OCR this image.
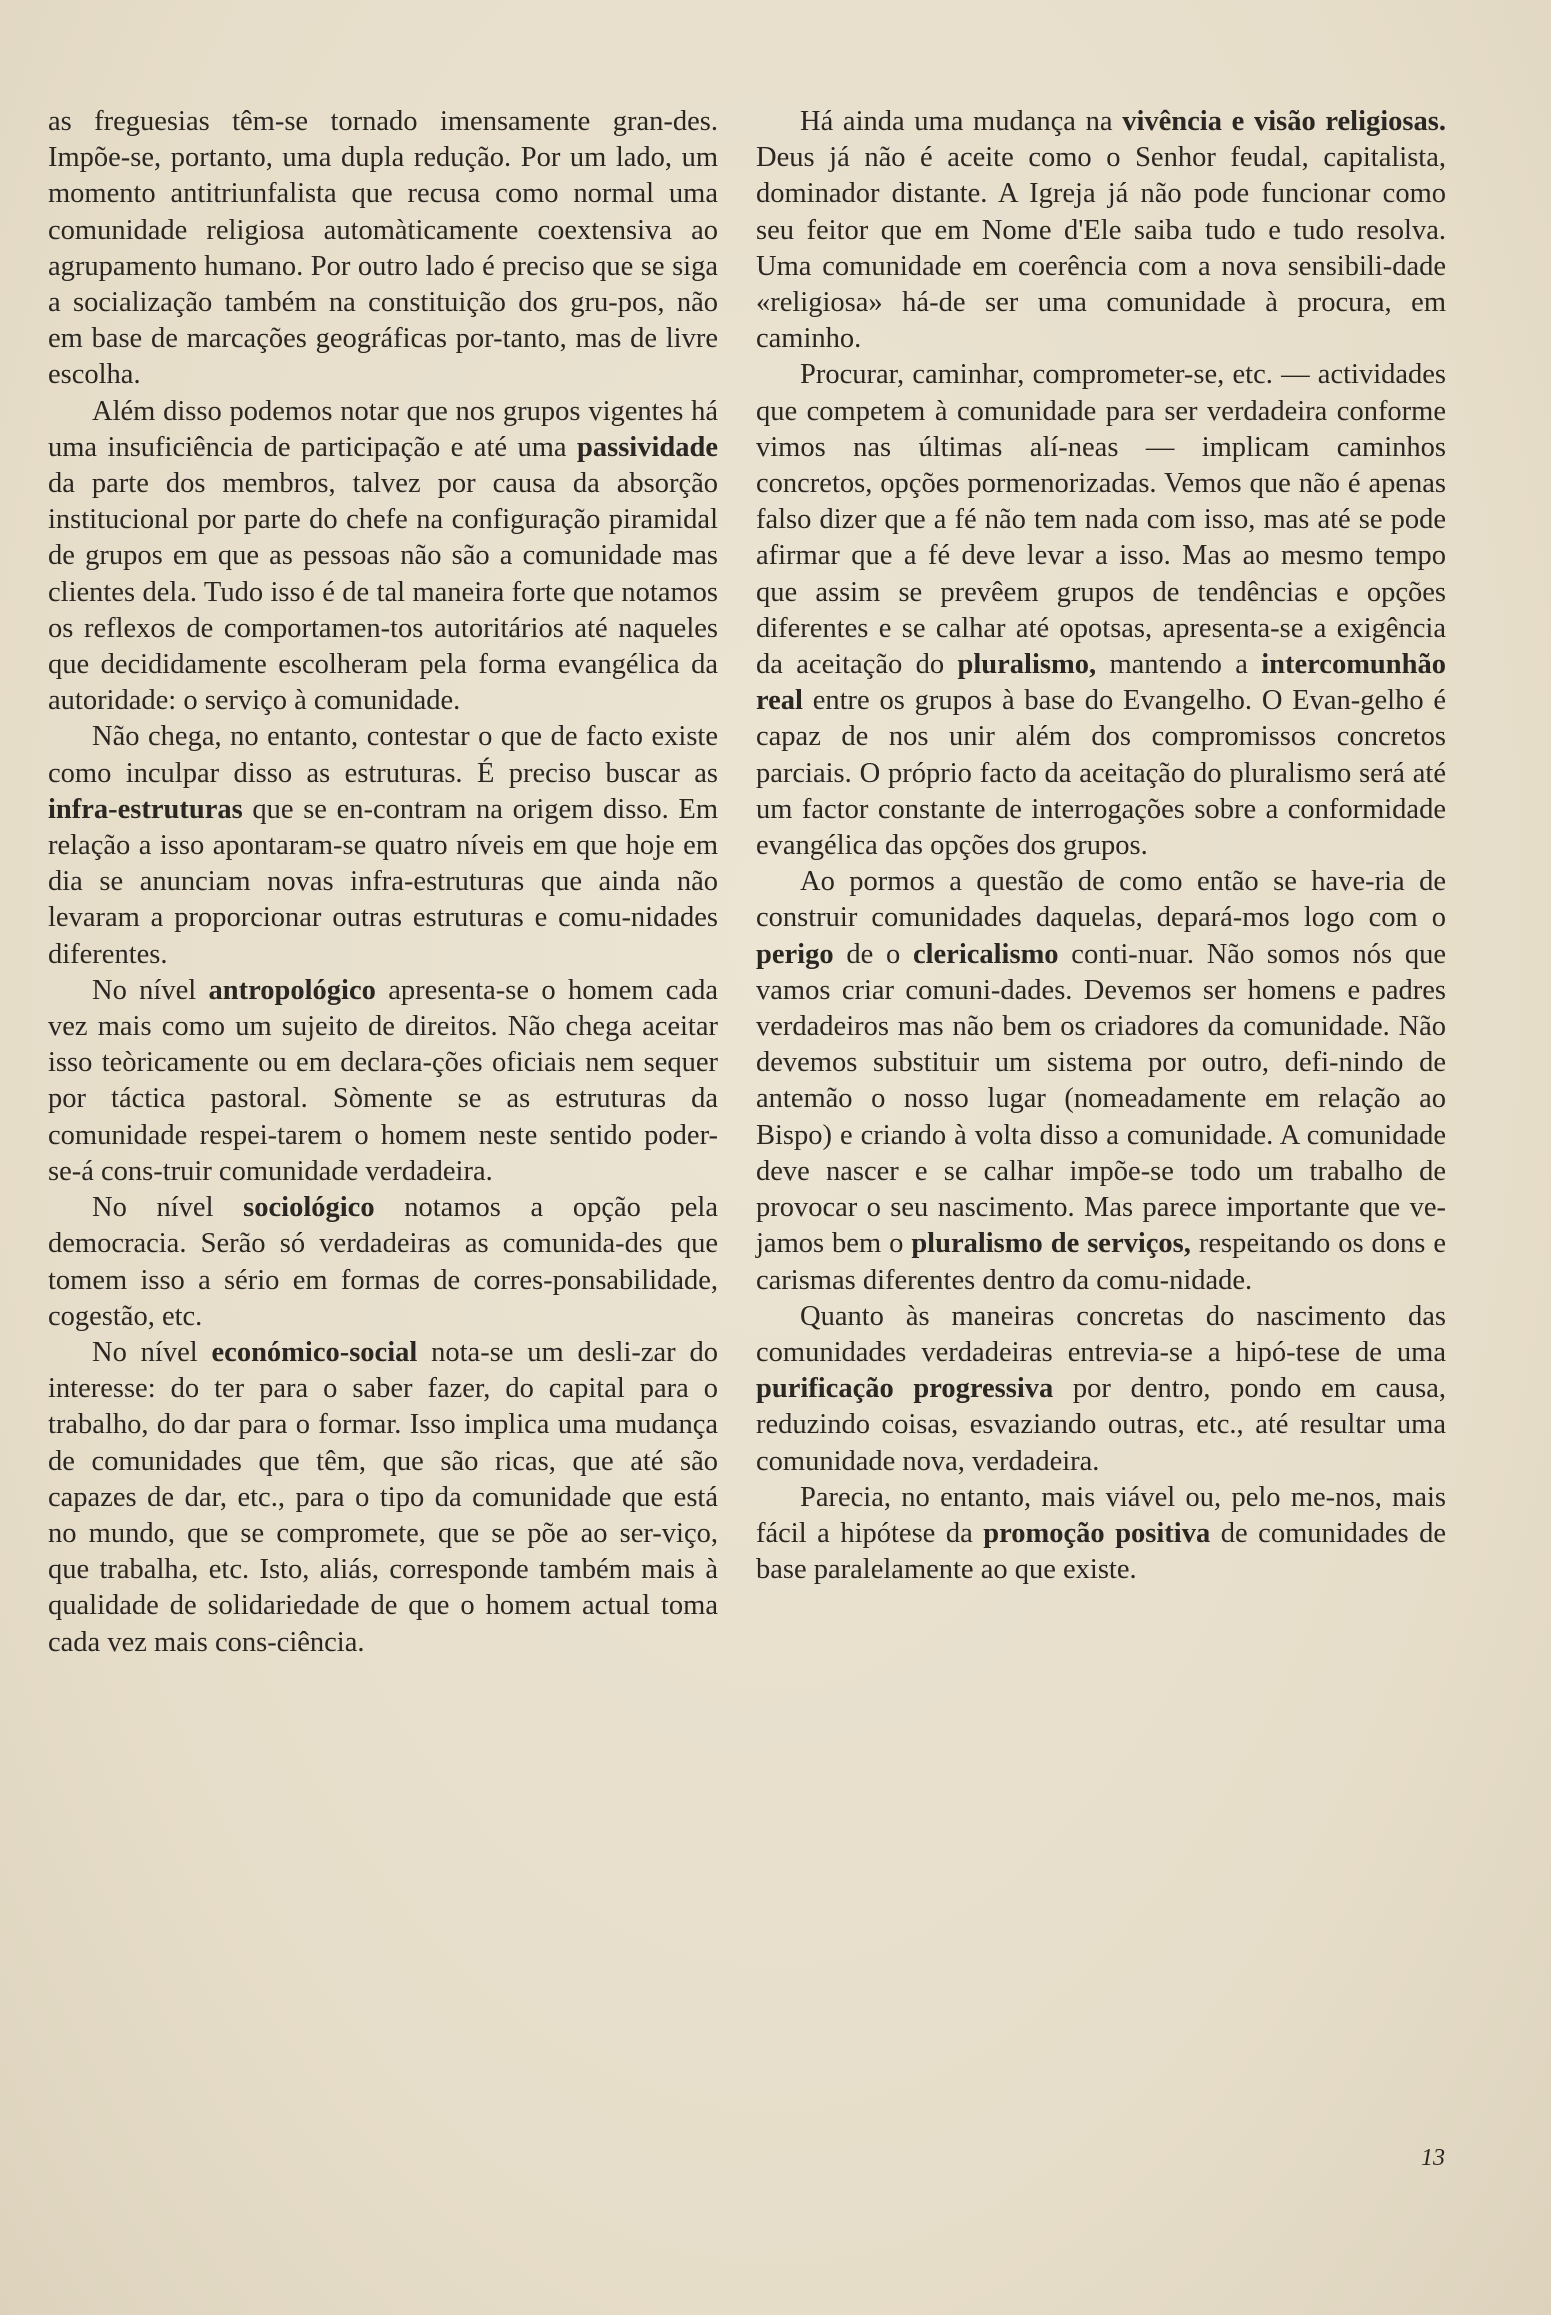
as freguesias têm-se tornado imensamente gran-des. Impõe-se, portanto, uma dupla redução. Por um lado, um momento antitriunfalista que recusa como normal uma comunidade religiosa automàticamente coextensiva ao agrupamento humano. Por outro lado é preciso que se siga a socialização também na constituição dos gru-pos, não em base de marcações geográficas por-tanto, mas de livre escolha.

Além disso podemos notar que nos grupos vigentes há uma insuficiência de participação e até uma passividade da parte dos membros, talvez por causa da absorção institucional por parte do chefe na configuração piramidal de grupos em que as pessoas não são a comunidade mas clientes dela. Tudo isso é de tal maneira forte que notamos os reflexos de comportamen-tos autoritários até naqueles que decididamente escolheram pela forma evangélica da autoridade: o serviço à comunidade.

Não chega, no entanto, contestar o que de facto existe como inculpar disso as estruturas. É preciso buscar as infra-estruturas que se en-contram na origem disso. Em relação a isso apontaram-se quatro níveis em que hoje em dia se anunciam novas infra-estruturas que ainda não levaram a proporcionar outras estruturas e comu-nidades diferentes.

No nível antropológico apresenta-se o homem cada vez mais como um sujeito de direitos. Não chega aceitar isso teòricamente ou em declara-ções oficiais nem sequer por táctica pastoral. Sòmente se as estruturas da comunidade respei-tarem o homem neste sentido poder-se-á cons-truir comunidade verdadeira.

No nível sociológico notamos a opção pela democracia. Serão só verdadeiras as comunida-des que tomem isso a sério em formas de corres-ponsabilidade, cogestão, etc.

No nível económico-social nota-se um desli-zar do interesse: do ter para o saber fazer, do capital para o trabalho, do dar para o formar. Isso implica uma mudança de comunidades que têm, que são ricas, que até são capazes de dar, etc., para o tipo da comunidade que está no mundo, que se compromete, que se põe ao ser-viço, que trabalha, etc. Isto, aliás, corresponde também mais à qualidade de solidariedade de que o homem actual toma cada vez mais cons-ciência.

Há ainda uma mudança na vivência e visão religiosas. Deus já não é aceite como o Senhor feudal, capitalista, dominador distante. A Igreja já não pode funcionar como seu feitor que em Nome d'Ele saiba tudo e tudo resolva. Uma comunidade em coerência com a nova sensibili-dade «religiosa» há-de ser uma comunidade à procura, em caminho.

Procurar, caminhar, comprometer-se, etc. — actividades que competem à comunidade para ser verdadeira conforme vimos nas últimas alí-neas — implicam caminhos concretos, opções pormenorizadas. Vemos que não é apenas falso dizer que a fé não tem nada com isso, mas até se pode afirmar que a fé deve levar a isso. Mas ao mesmo tempo que assim se prevêem grupos de tendências e opções diferentes e se calhar até opotsas, apresenta-se a exigência da aceitação do pluralismo, mantendo a intercomunhão real entre os grupos à base do Evangelho. O Evan-gelho é capaz de nos unir além dos compromissos concretos parciais. O próprio facto da aceitação do pluralismo será até um factor constante de interrogações sobre a conformidade evangélica das opções dos grupos.

Ao pormos a questão de como então se have-ria de construir comunidades daquelas, depará-mos logo com o perigo de o clericalismo conti-nuar. Não somos nós que vamos criar comuni-dades. Devemos ser homens e padres verdadeiros mas não bem os criadores da comunidade. Não devemos substituir um sistema por outro, defi-nindo de antemão o nosso lugar (nomeadamente em relação ao Bispo) e criando à volta disso a comunidade. A comunidade deve nascer e se calhar impõe-se todo um trabalho de provocar o seu nascimento. Mas parece importante que ve-jamos bem o pluralismo de serviços, respeitando os dons e carismas diferentes dentro da comu-nidade.

Quanto às maneiras concretas do nascimento das comunidades verdadeiras entrevia-se a hipó-tese de uma purificação progressiva por dentro, pondo em causa, reduzindo coisas, esvaziando outras, etc., até resultar uma comunidade nova, verdadeira.

Parecia, no entanto, mais viável ou, pelo me-nos, mais fácil a hipótese da promoção positiva de comunidades de base paralelamente ao que existe.

13
